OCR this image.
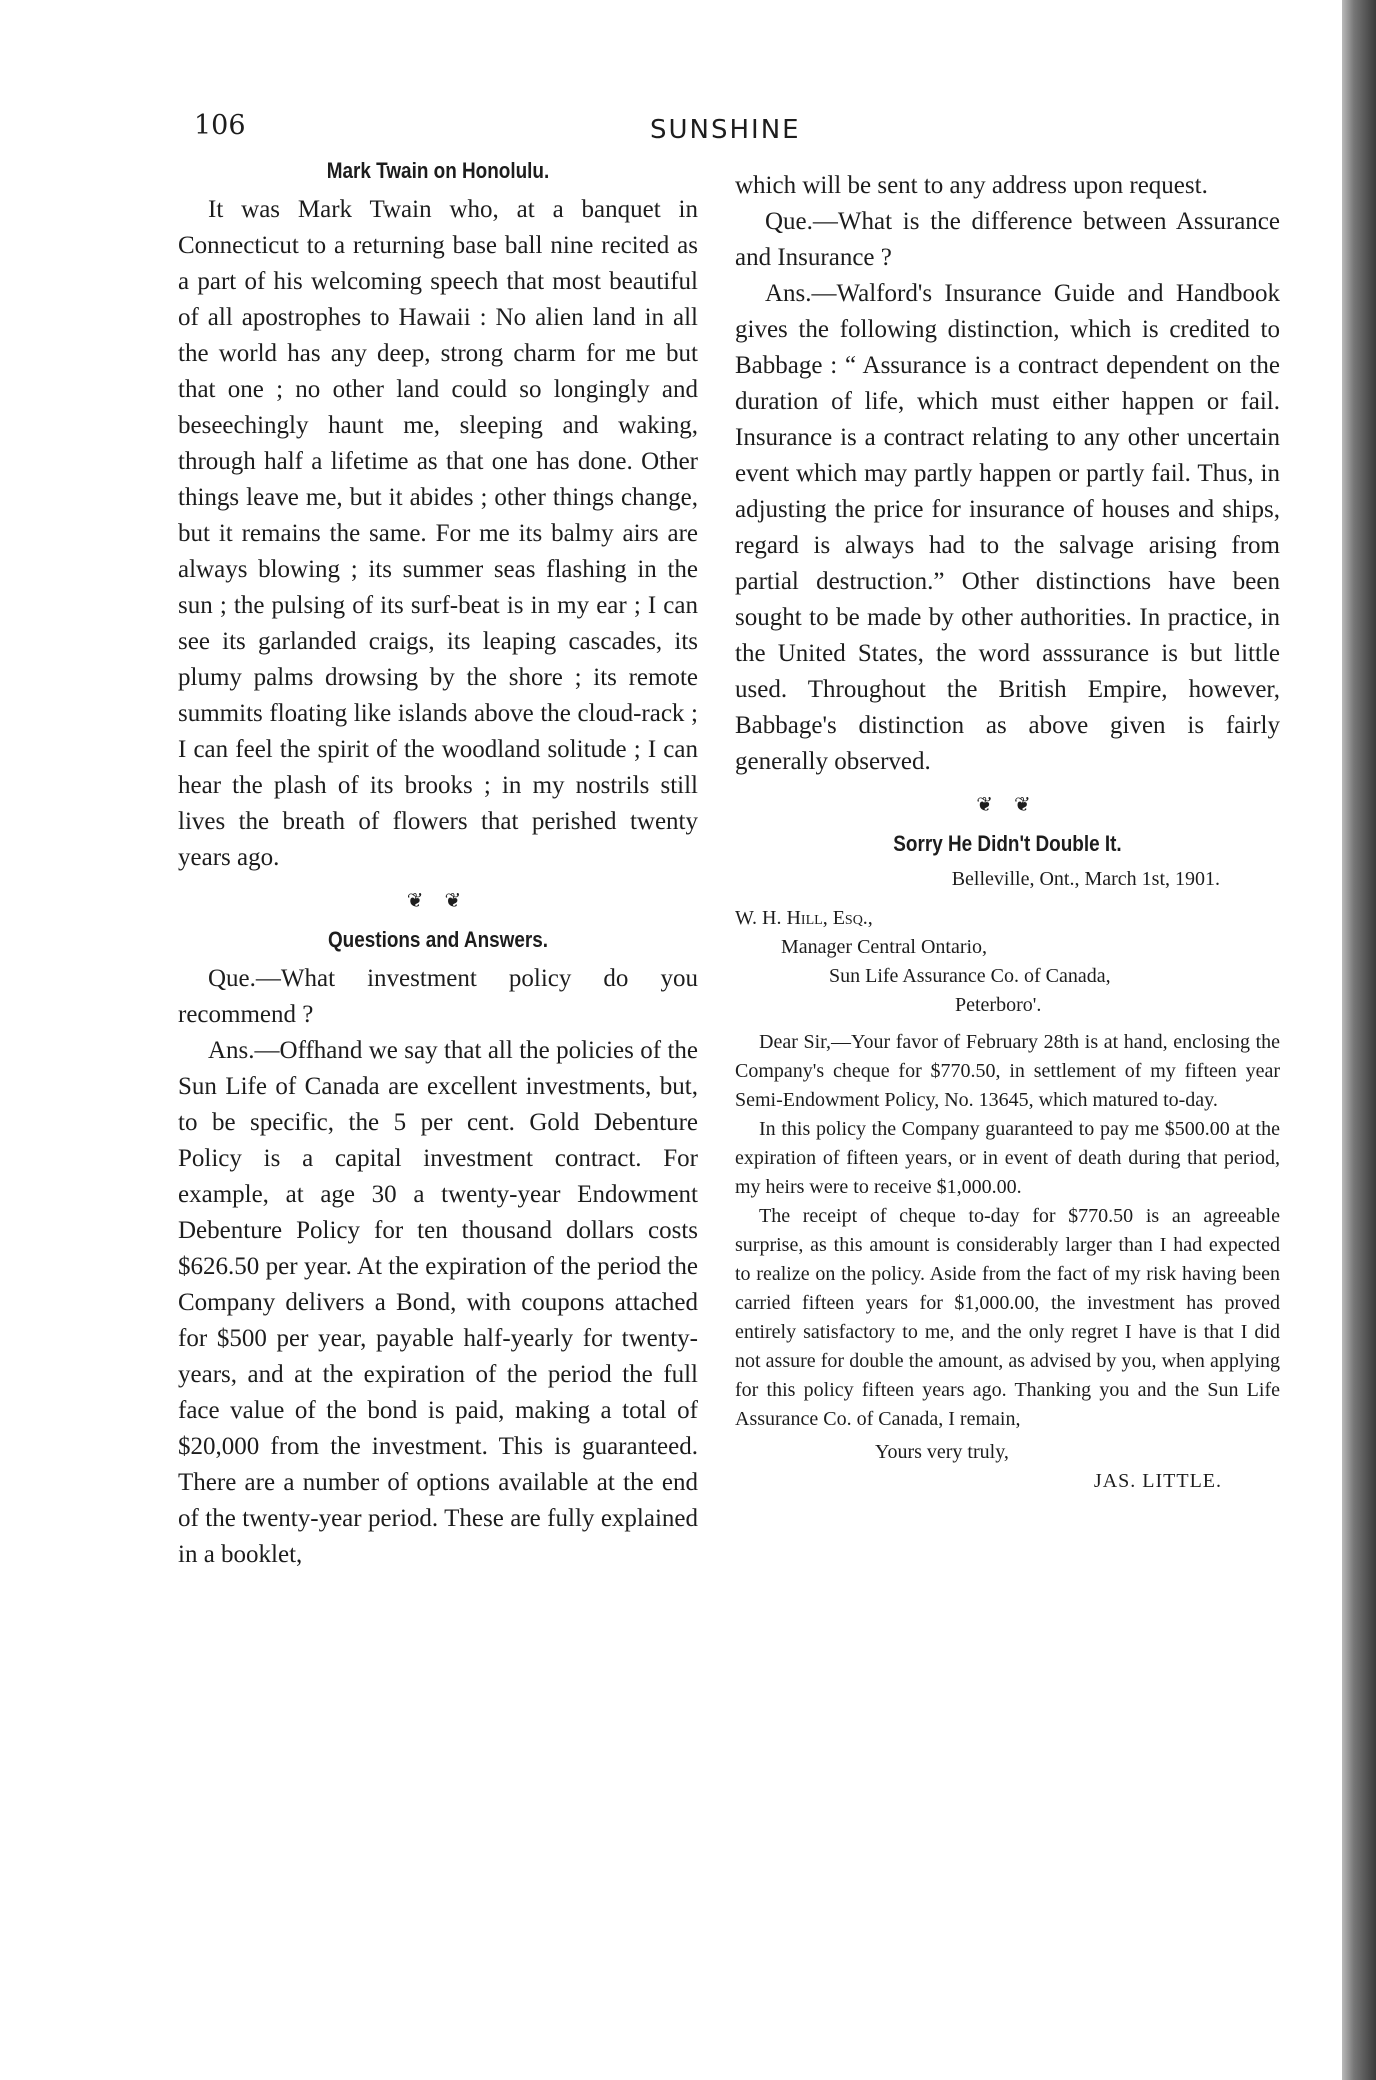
106	SUNSHINE
Mark Twain on Honolulu.

It was Mark Twain who, at a banquet in Connecticut to a returning base ball nine recited as a part of his welcoming speech that most beautiful of all apostrophes to Hawaii : No alien land in all the world has any deep, strong charm for me but that one ; no other land could so longingly and beseechingly haunt me, sleeping and waking, through half a lifetime as that one has done. Other things leave me, but it abides ; other things change, but it remains the same. For me its balmy airs are always blowing ; its summer seas flashing in the sun ; the pulsing of its surf-beat is in my ear ; I can see its garlanded craigs, its leaping cascades, its plumy palms drowsing by the shore ; its remote summits floating like islands above the cloud-rack ; I can feel the spirit of the woodland solitude ; I can hear the plash of its brooks ; in my nostrils still lives the breath of flowers that perished twenty years ago.

❦ ❦
Questions and Answers.

Que.—What investment policy do you recommend ?

Ans.—Offhand we say that all the policies of the Sun Life of Canada are excellent investments, but, to be specific, the 5 per cent. Gold Debenture Policy is a capital investment contract. For example, at age 30 a twenty-year Endowment Debenture Policy for ten thousand dollars costs $626.50 per year. At the expiration of the period the Company delivers a Bond, with coupons attached for $500 per year, payable half-yearly for twenty-years, and at the expiration of the period the full face value of the bond is paid, making a total of $20,000 from the investment. This is guaranteed. There are a number of options available at the end of the twenty-year period. These are fully explained in a booklet,

which will be sent to any address upon request.

Que.—What is the difference between Assurance and Insurance ?

Ans.—Walford's Insurance Guide and Handbook gives the following distinction, which is credited to Babbage : “ Assurance is a contract dependent on the duration of life, which must either happen or fail. Insurance is a contract relating to any other uncertain event which may partly happen or partly fail. Thus, in adjusting the price for insurance of houses and ships, regard is always had to the salvage arising from partial destruction.” Other distinctions have been sought to be made by other authorities. In practice, in the United States, the word asssurance is but little used. Throughout the British Empire, however, Babbage's distinction as above given is fairly generally observed.

❦ ❦
Sorry He Didn't Double It.

Belleville, Ont., March 1st, 1901.

W. H. Hill, Esq.,

Manager Central Ontario,

Sun Life Assurance Co. of Canada,

Peterboro'.

Dear Sir,—Your favor of February 28th is at hand, enclosing the Company's cheque for $770.50, in settlement of my fifteen year Semi-Endowment Policy, No. 13645, which matured to-day.

In this policy the Company guaranteed to pay me $500.00 at the expiration of fifteen years, or in event of death during that period, my heirs were to receive $1,000.00.

The receipt of cheque to-day for $770.50 is an agreeable surprise, as this amount is considerably larger than I had expected to realize on the policy. Aside from the fact of my risk having been carried fifteen years for $1,000.00, the investment has proved entirely satisfactory to me, and the only regret I have is that I did not assure for double the amount, as advised by you, when applying for this policy fifteen years ago. Thanking you and the Sun Life Assurance Co. of Canada, I remain,

Yours very truly,

JAS. LITTLE.
